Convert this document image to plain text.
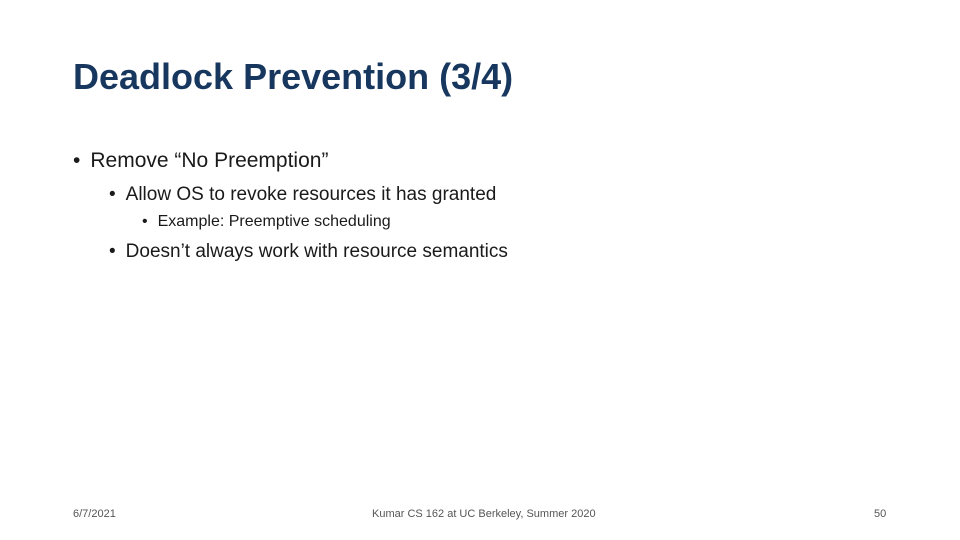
Deadlock Prevention (3/4)
• Remove “No Preemption”
• Allow OS to revoke resources it has granted
• Example: Preemptive scheduling
• Doesn’t always work with resource semantics
6/7/2021	Kumar CS 162 at UC Berkeley, Summer 2020	50
